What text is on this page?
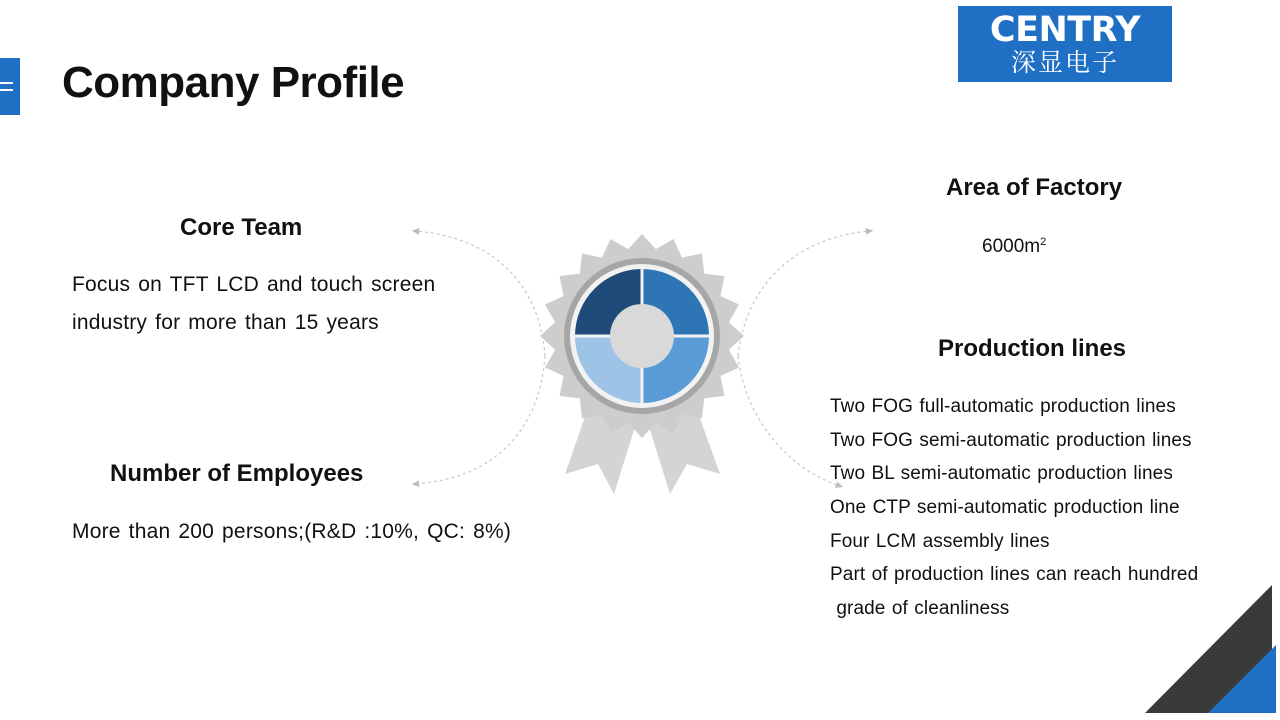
Company Profile
CENTRY
深显电子
Core Team
Focus on TFT LCD and touch screen
industry for more than 15 years
Number of Employees
More than 200 persons;(R&D :10%, QC: 8%)
Area of Factory
$6000m^2$
Production lines
Two FOG full-automatic production lines
Two FOG semi-automatic production lines
Two BL semi-automatic production lines
One CTP semi-automatic production line
Four LCM assembly lines
Part of production lines can reach hundred
grade of cleanliness
